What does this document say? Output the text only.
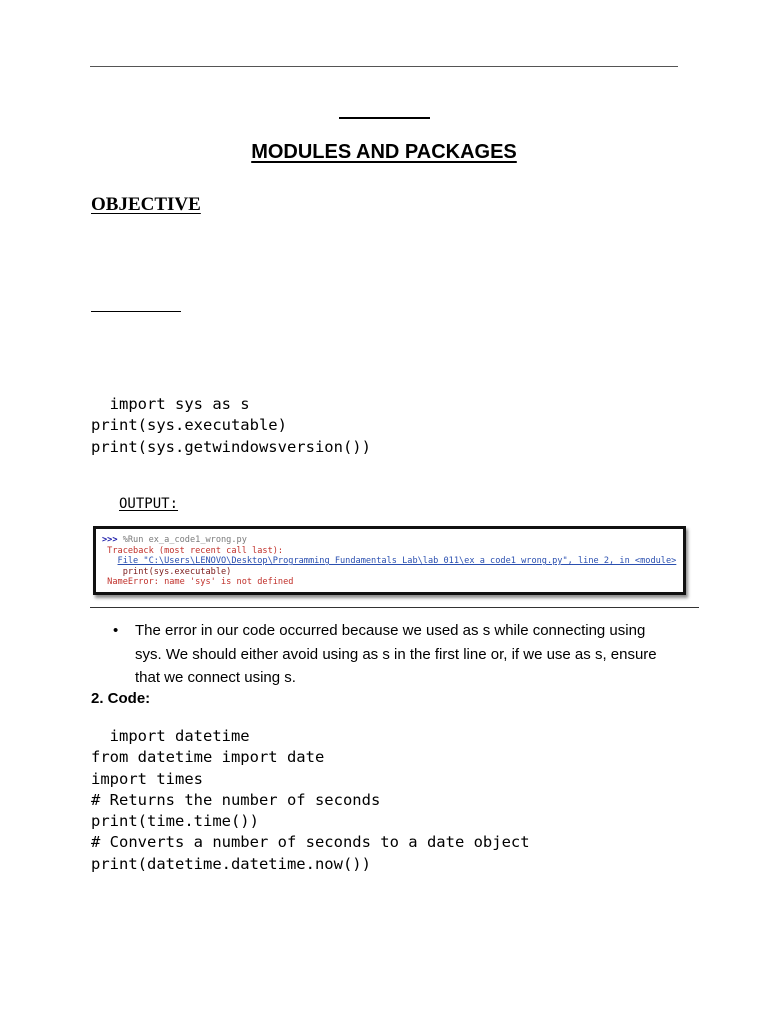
MODULES AND PACKAGES
OBJECTIVE
import sys as s
print(sys.executable)
print(sys.getwindowsversion())
OUTPUT:
>>> %Run ex_a_code1_wrong.py
Traceback (most recent call last):
File "C:\Users\LENOVO\Desktop\Programming Fundamentals Lab\lab 011\ex a code1 wrong.py", line 2, in <module>
print(sys.executable)
NameError: name 'sys' is not defined
• The error in our code occurred because we used as s while connecting using sys. We should either avoid using as s in the first line or, if we use as s, ensure that we connect using s.
2. Code:
import datetime
from datetime import date
import times
# Returns the number of seconds
print(time.time())
# Converts a number of seconds to a date object
print(datetime.datetime.now())
